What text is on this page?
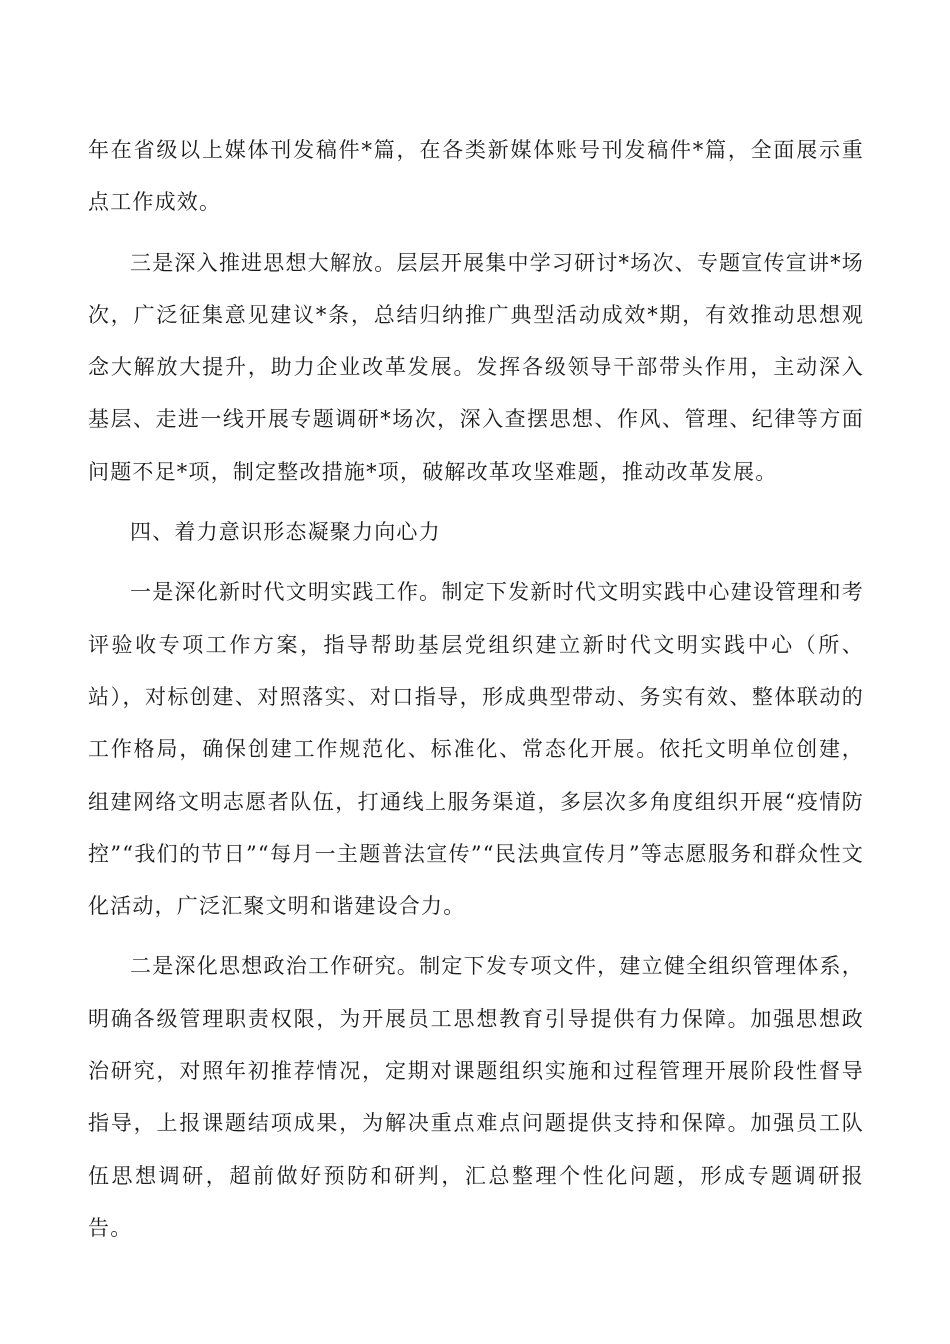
年在省级以上媒体刊发稿件*篇，在各类新媒体账号刊发稿件*篇，全面展示重点工作成效。

三是深入推进思想大解放。层层开展集中学习研讨*场次、专题宣传宣讲*场次，广泛征集意见建议*条，总结归纳推广典型活动成效*期，有效推动思想观念大解放大提升，助力企业改革发展。发挥各级领导干部带头作用，主动深入基层、走进一线开展专题调研*场次，深入查摆思想、作风、管理、纪律等方面问题不足*项，制定整改措施*项，破解改革攻坚难题，推动改革发展。

四、着力意识形态凝聚力向心力

一是深化新时代文明实践工作。制定下发新时代文明实践中心建设管理和考评验收专项工作方案，指导帮助基层党组织建立新时代文明实践中心（所、站），对标创建、对照落实、对口指导，形成典型带动、务实有效、整体联动的工作格局，确保创建工作规范化、标准化、常态化开展。依托文明单位创建，组建网络文明志愿者队伍，打通线上服务渠道，多层次多角度组织开展“疫情防控”“我们的节日”“每月一主题普法宣传”“民法典宣传月”等志愿服务和群众性文化活动，广泛汇聚文明和谐建设合力。

二是深化思想政治工作研究。制定下发专项文件，建立健全组织管理体系，明确各级管理职责权限，为开展员工思想教育引导提供有力保障。加强思想政治研究，对照年初推荐情况，定期对课题组织实施和过程管理开展阶段性督导指导，上报课题结项成果，为解决重点难点问题提供支持和保障。加强员工队伍思想调研，超前做好预防和研判，汇总整理个性化问题，形成专题调研报告。
